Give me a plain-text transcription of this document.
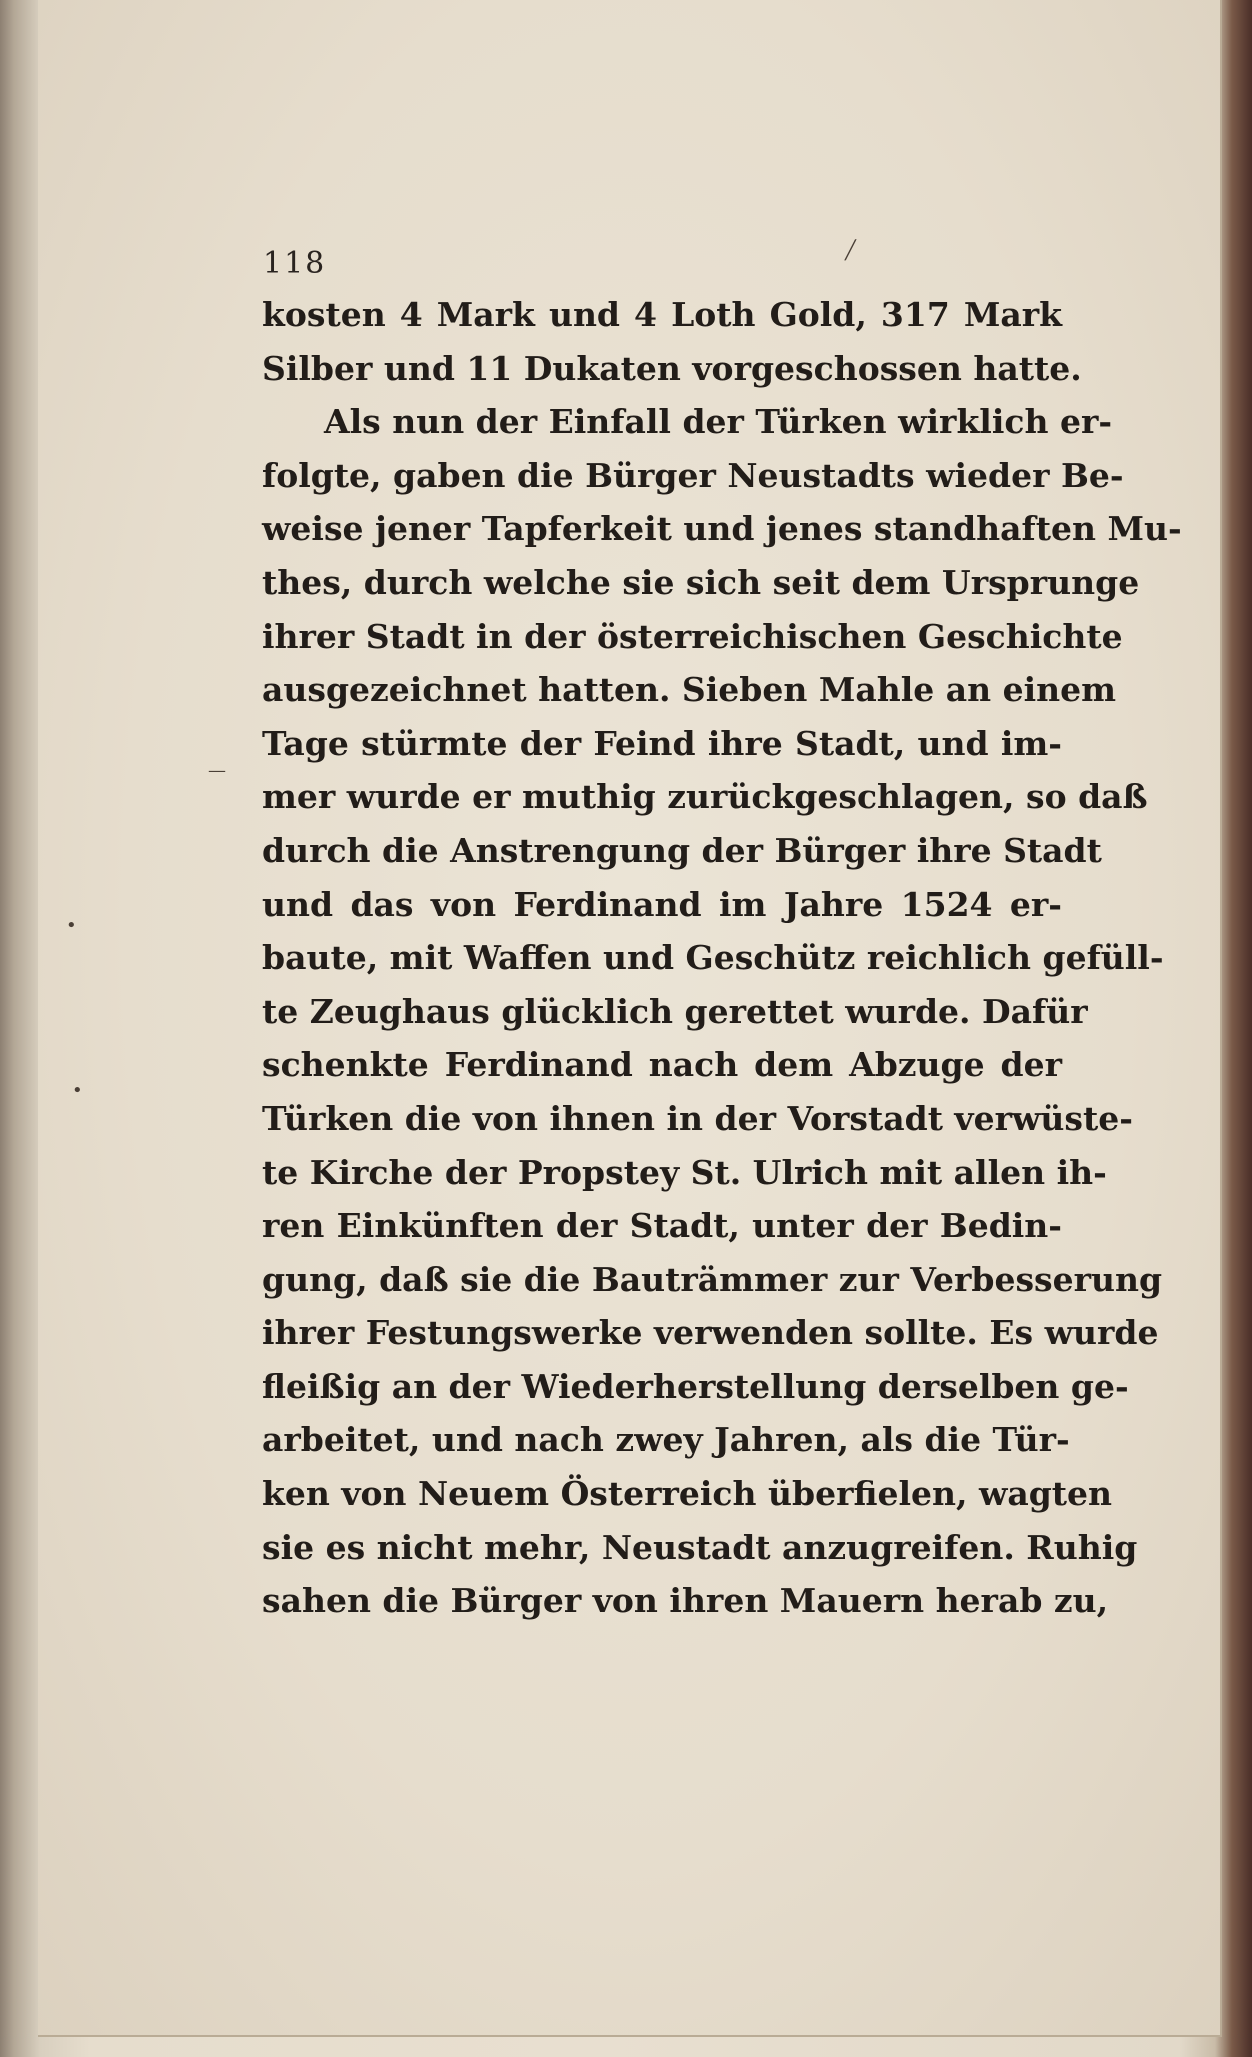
118
kosten 4 Mark und 4 Loth Gold, 317 Mark
Silber und 11 Dukaten vorgeschossen hatte.
Als nun der Einfall der Türken wirklich er-
folgte, gaben die Bürger Neustadts wieder Be-
weise jener Tapferkeit und jenes standhaften Mu-
thes, durch welche sie sich seit dem Ursprunge
ihrer Stadt in der österreichischen Geschichte
ausgezeichnet hatten. Sieben Mahle an einem
Tage stürmte der Feind ihre Stadt, und im-
mer wurde er muthig zurückgeschlagen, so daß
durch die Anstrengung der Bürger ihre Stadt
und das von Ferdinand im Jahre 1524 er-
baute, mit Waffen und Geschütz reichlich gefüll-
te Zeughaus glücklich gerettet wurde. Dafür
schenkte Ferdinand nach dem Abzuge der
Türken die von ihnen in der Vorstadt verwüste-
te Kirche der Propstey St. Ulrich mit allen ih-
ren Einkünften der Stadt, unter der Bedin-
gung, daß sie die Bauträmmer zur Verbesserung
ihrer Festungswerke verwenden sollte. Es wurde
fleißig an der Wiederherstellung derselben ge-
arbeitet, und nach zwey Jahren, als die Tür-
ken von Neuem Österreich überfielen, wagten
sie es nicht mehr, Neustadt anzugreifen. Ruhig
sahen die Bürger von ihren Mauern herab zu,
╱
—
•
•
